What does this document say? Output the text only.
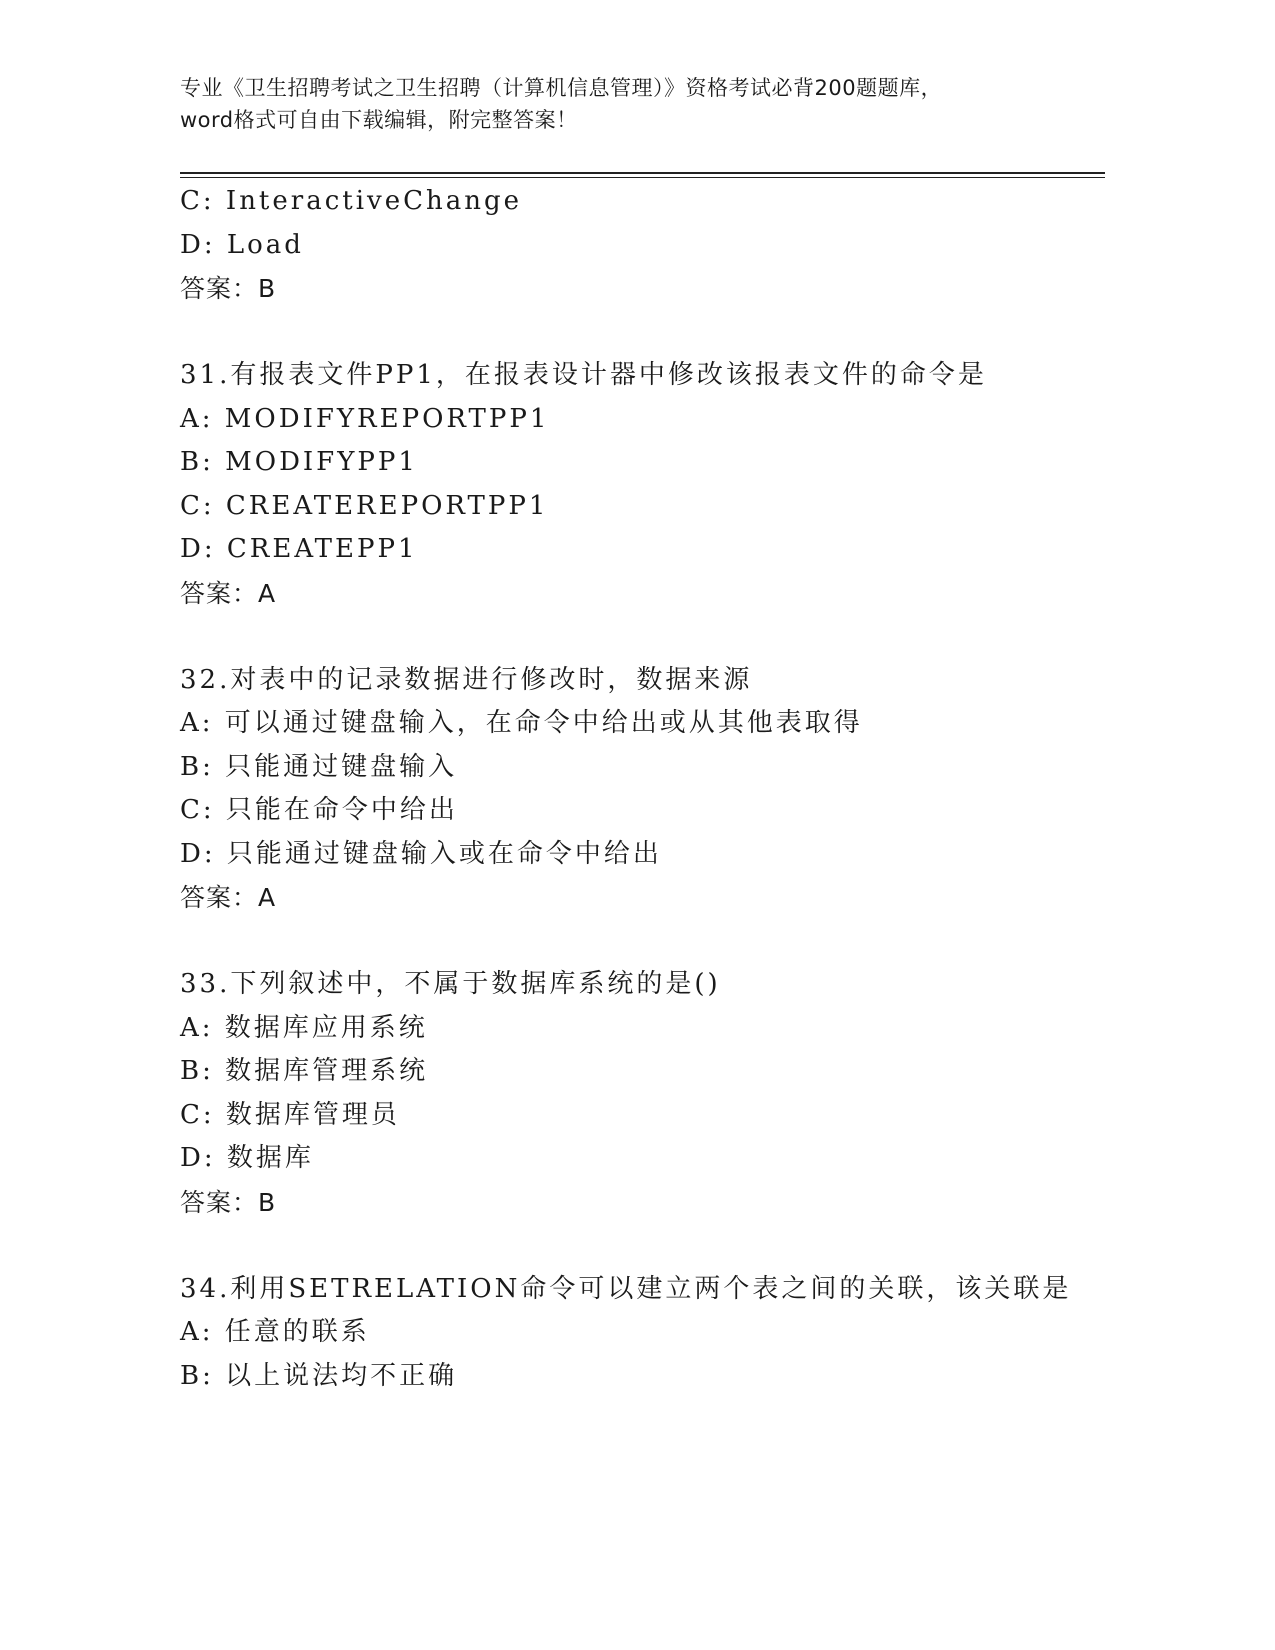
专业《卫生招聘考试之卫生招聘（计算机信息管理）》资格考试必背200题题库，
word格式可自由下载编辑，附完整答案！
C: InteractiveChange
D: Load
答案：B
31.有报表文件PP1，在报表设计器中修改该报表文件的命令是
A: MODIFYREPORTPP1
B: MODIFYPP1
C: CREATEREPORTPP1
D: CREATEPP1
答案：A
32.对表中的记录数据进行修改时，数据来源
A: 可以通过键盘输入，在命令中给出或从其他表取得
B: 只能通过键盘输入
C: 只能在命令中给出
D: 只能通过键盘输入或在命令中给出
答案：A
33.下列叙述中，不属于数据库系统的是()
A: 数据库应用系统
B: 数据库管理系统
C: 数据库管理员
D: 数据库
答案：B
34.利用SETRELATION命令可以建立两个表之间的关联，该关联是
A: 任意的联系
B: 以上说法均不正确
